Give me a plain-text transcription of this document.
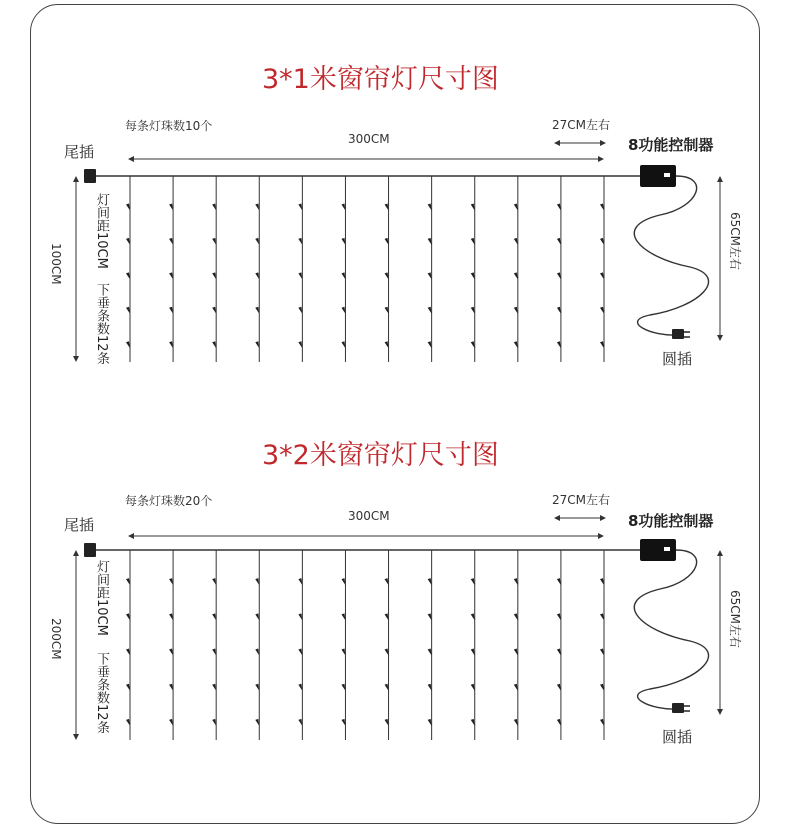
3*1米窗帘灯尺寸图
每条灯珠数10个
300CM
27CM左右
尾插	8功能控制器
灯间距10CM
下垂条数12条
100CM	65CM左右
圆插
3*2米窗帘灯尺寸图
每条灯珠数20个
300CM
27CM左右
尾插	8功能控制器
灯间距10CM
下垂条数12条
200CM	65CM左右
圆插
